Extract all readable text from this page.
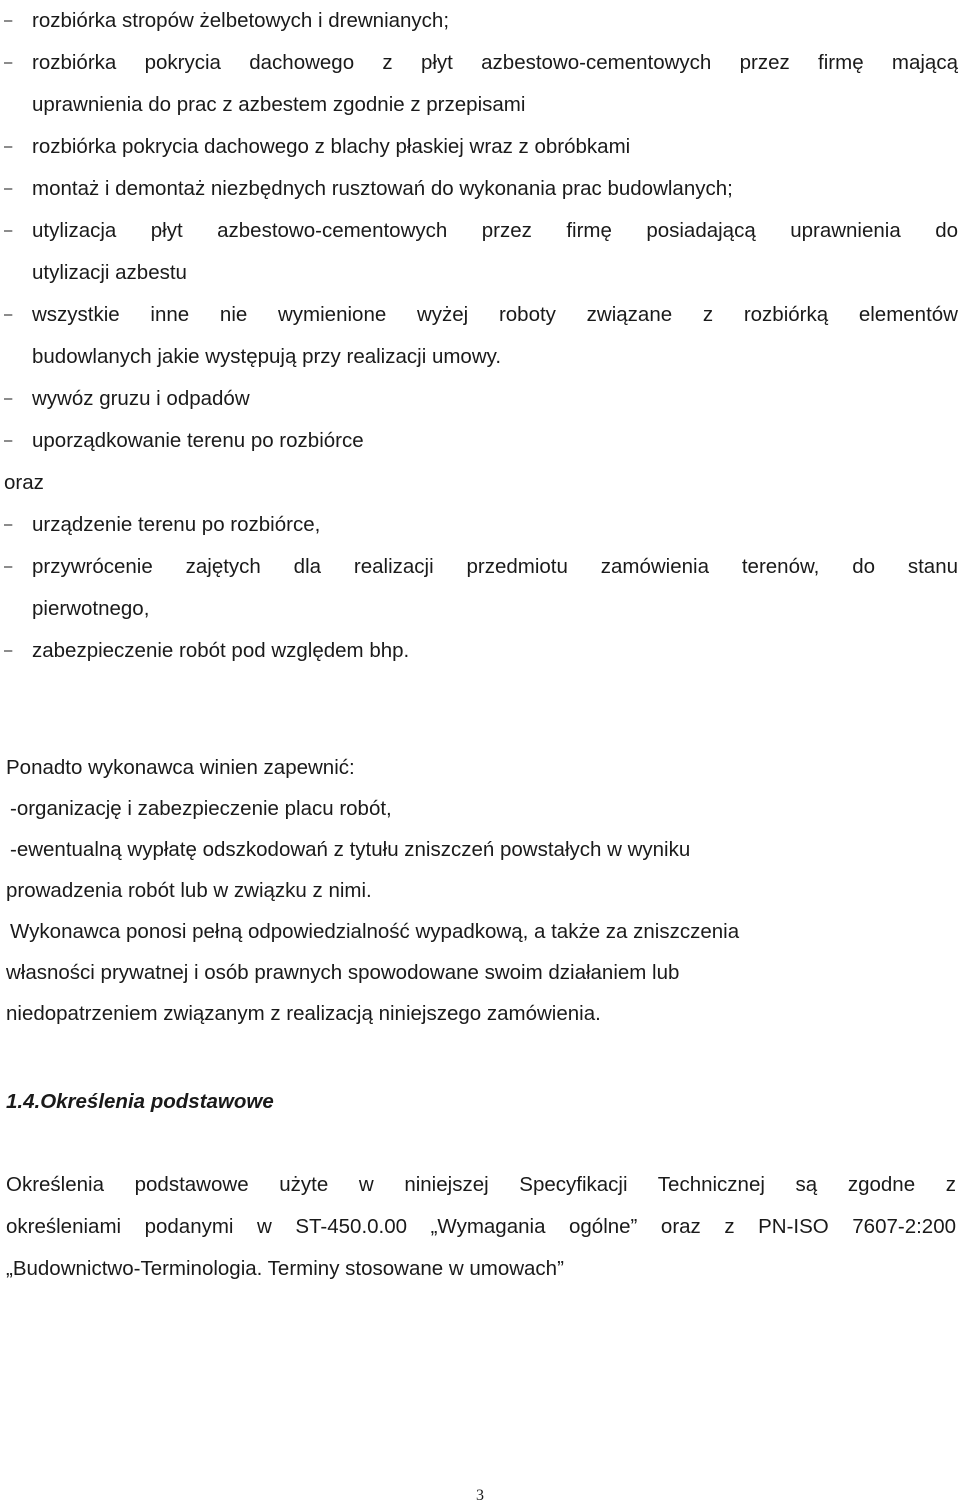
– rozbiórka stropów żelbetowych i drewnianych;
– rozbiórka pokrycia dachowego z płyt azbestowo-cementowych przez firmę mającą
uprawnienia do prac z azbestem zgodnie z przepisami
– rozbiórka pokrycia dachowego z blachy płaskiej wraz z obróbkami
– montaż i demontaż niezbędnych rusztowań do wykonania prac budowlanych;
– utylizacja płyt azbestowo-cementowych przez firmę posiadającą uprawnienia do
utylizacji azbestu
– wszystkie inne nie wymienione wyżej roboty związane z rozbiórką elementów
budowlanych jakie występują przy realizacji umowy.
– wywóz gruzu i odpadów
– uporządkowanie terenu po rozbiórce
oraz
– urządzenie terenu po rozbiórce,
– przywrócenie zajętych dla realizacji przedmiotu zamówienia terenów, do stanu
pierwotnego,
– zabezpieczenie robót pod względem bhp.

Ponadto wykonawca winien zapewnić:

-organizację i zabezpieczenie placu robót,

-ewentualną wypłatę odszkodowań z tytułu zniszczeń powstałych w wyniku

prowadzenia robót lub w związku z nimi.

Wykonawca ponosi pełną odpowiedzialność wypadkową, a także za zniszczenia

własności prywatnej i osób prawnych spowodowane swoim działaniem lub

niedopatrzeniem związanym z realizacją niniejszego zamówienia.

1.4.Określenia podstawowe

Określenia podstawowe użyte w niniejszej Specyfikacji Technicznej są zgodne z
określeniami podanymi w ST-450.0.00 „Wymagania ogólne” oraz z PN-ISO 7607-2:200
„Budownictwo-Terminologia. Terminy stosowane w umowach”

3
